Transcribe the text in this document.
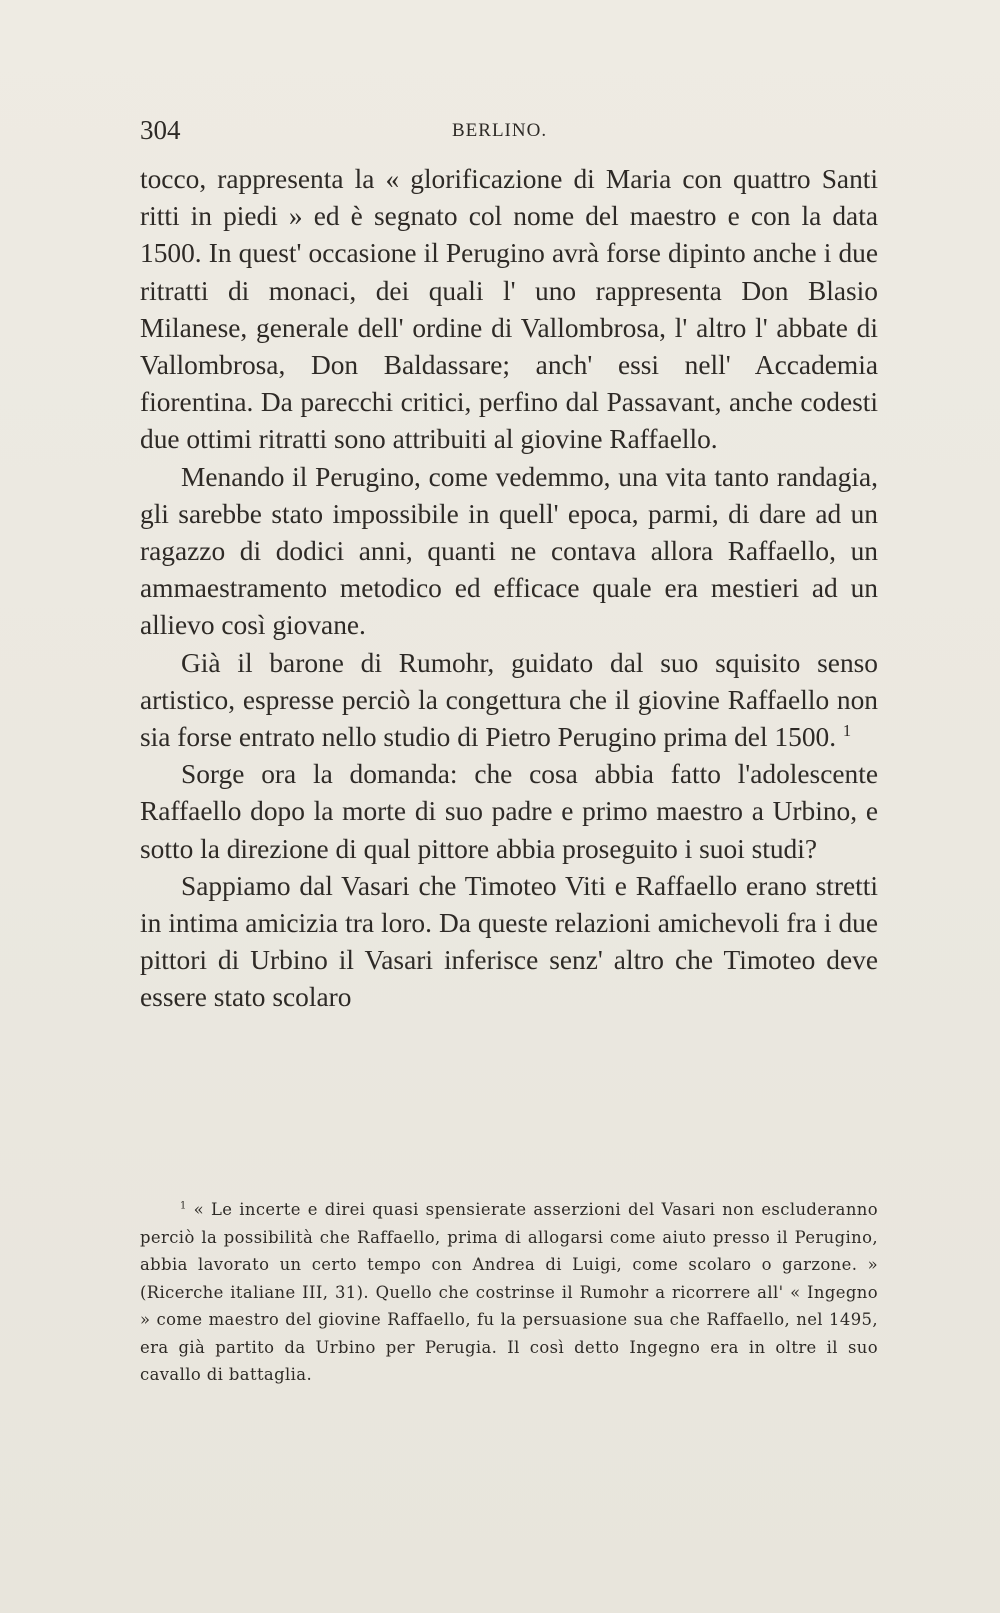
304	BERLINO.

tocco, rappresenta la « glorificazione di Maria con quattro Santi ritti in piedi » ed è segnato col nome del maestro e con la data 1500. In quest' occasione il Perugino avrà forse dipinto anche i due ritratti di monaci, dei quali l' uno rappresenta Don Blasio Milanese, generale dell' ordine di Vallombrosa, l' altro l' abbate di Vallombrosa, Don Baldassare; anch' essi nell' Accademia fiorentina. Da parecchi critici, perfino dal Passavant, anche codesti due ottimi ritratti sono attribuiti al giovine Raffaello.

Menando il Perugino, come vedemmo, una vita tanto randagia, gli sarebbe stato impossibile in quell' epoca, parmi, di dare ad un ragazzo di dodici anni, quanti ne contava allora Raffaello, un ammaestramento metodico ed efficace quale era mestieri ad un allievo così giovane.

Già il barone di Rumohr, guidato dal suo squisito senso artistico, espresse perciò la congettura che il giovine Raffaello non sia forse entrato nello studio di Pietro Perugino prima del 1500. $^1$

Sorge ora la domanda: che cosa abbia fatto l'adolescente Raffaello dopo la morte di suo padre e primo maestro a Urbino, e sotto la direzione di qual pittore abbia proseguito i suoi studi?

Sappiamo dal Vasari che Timoteo Viti e Raffaello erano stretti in intima amicizia tra loro. Da queste relazioni amichevoli fra i due pittori di Urbino il Vasari inferisce senz' altro che Timoteo deve essere stato scolaro

$^1$ « Le incerte e direi quasi spensierate asserzioni del Vasari non escluderanno perciò la possibilità che Raffaello, prima di allogarsi come aiuto presso il Perugino, abbia lavorato un certo tempo con Andrea di Luigi, come scolaro o garzone. » (Ricerche italiane III, 31). Quello che costrinse il Rumohr a ricorrere all' « Ingegno » come maestro del giovine Raffaello, fu la persuasione sua che Raffaello, nel 1495, era già partito da Urbino per Perugia. Il così detto Ingegno era in oltre il suo cavallo di battaglia.
